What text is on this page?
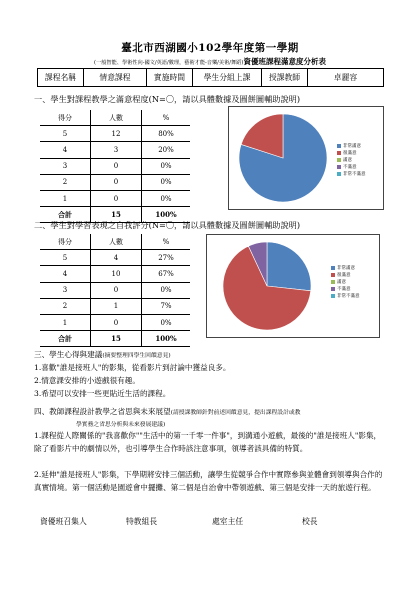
臺北市西湖國小102學年度第一學期
(一般智能、學術性向-國文/英語/數理，藝術才能-音樂/美術/舞蹈)資優班課程滿意度分析表
課程名稱	情意課程	實施時間	學生分組上課	授課教師	卓麗容
一、學生對課程教學之滿意程度(N=〇，請以具體數據及圓餅圖輔助說明)
得分	人數	%
5	12	80%
4	3	20%
3	0	0%
2	0	0%
1	0	0%
合計	15	100%
非常滿意
很滿意
滿意
不滿意
非常不滿意
二、學生對學習表現之自我評分(N=〇，請以具體數據及圓餅圖輔助說明)
得分	人數	%
5	4	27%
4	10	67%
3	0	0%
2	1	7%
1	0	0%
合計	15	100%
非常滿意
很滿意
滿意
不滿意
非常不滿意
三、學生心得與建議(摘要整理四學生回饋意見)
1.喜歡"誰是接班人"的影集，從看影片到討論中獲益良多。
2.情意課安排的小遊戲很有趣。
3.希望可以安排一些更貼近生活的課程。
四、教師課程設計教學之省思與未來展望(請授課教師針對前述回饋意見，提出課程設計或教
學實務之省思分析與未來發展建議)
1.課程從人際關係的"我喜歡你""生活中的第一千零一件事"，到溝通小遊戲，最後的"誰是接班人"影集，除了看影片中的劇情以外，也引導學生合作時該注意事項，領導者該具備的特質。
2.延伸"誰是接班人"影集，下學期將安排三個活動，讓學生從競爭合作中實際參與並體會到領導與合作的真實情境。第一個活動是園遊會中擺攤、第二個是自治會中帶領遊戲、第三個是安排一天的旅遊行程。
資優班召集人	特教組長	處室主任	校長
